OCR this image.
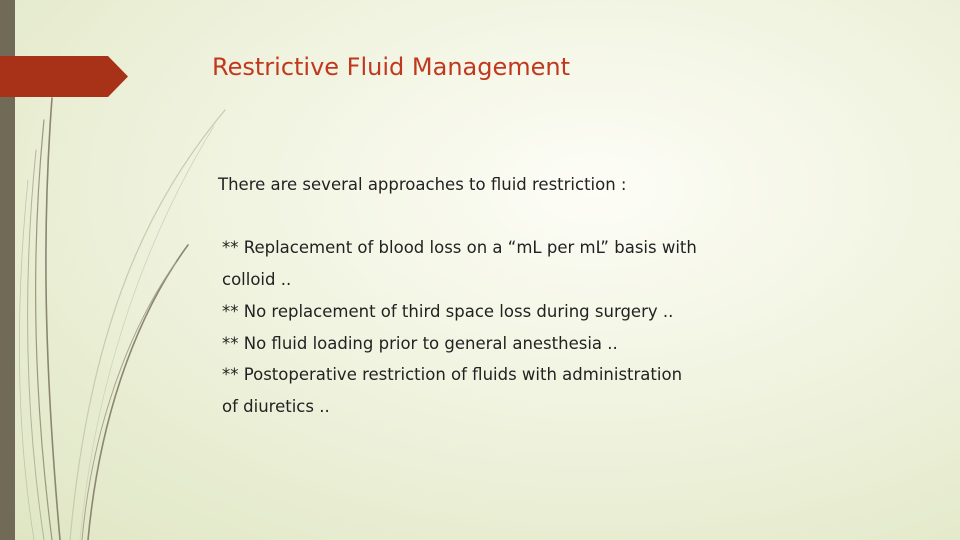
Restrictive Fluid Management
There are several approaches to fluid restriction :
** Replacement of blood loss on a “mL per mL” basis with
colloid ..
** No replacement of third space loss during surgery ..
** No fluid loading prior to general anesthesia ..
** Postoperative restriction of fluids with administration
of diuretics ..
